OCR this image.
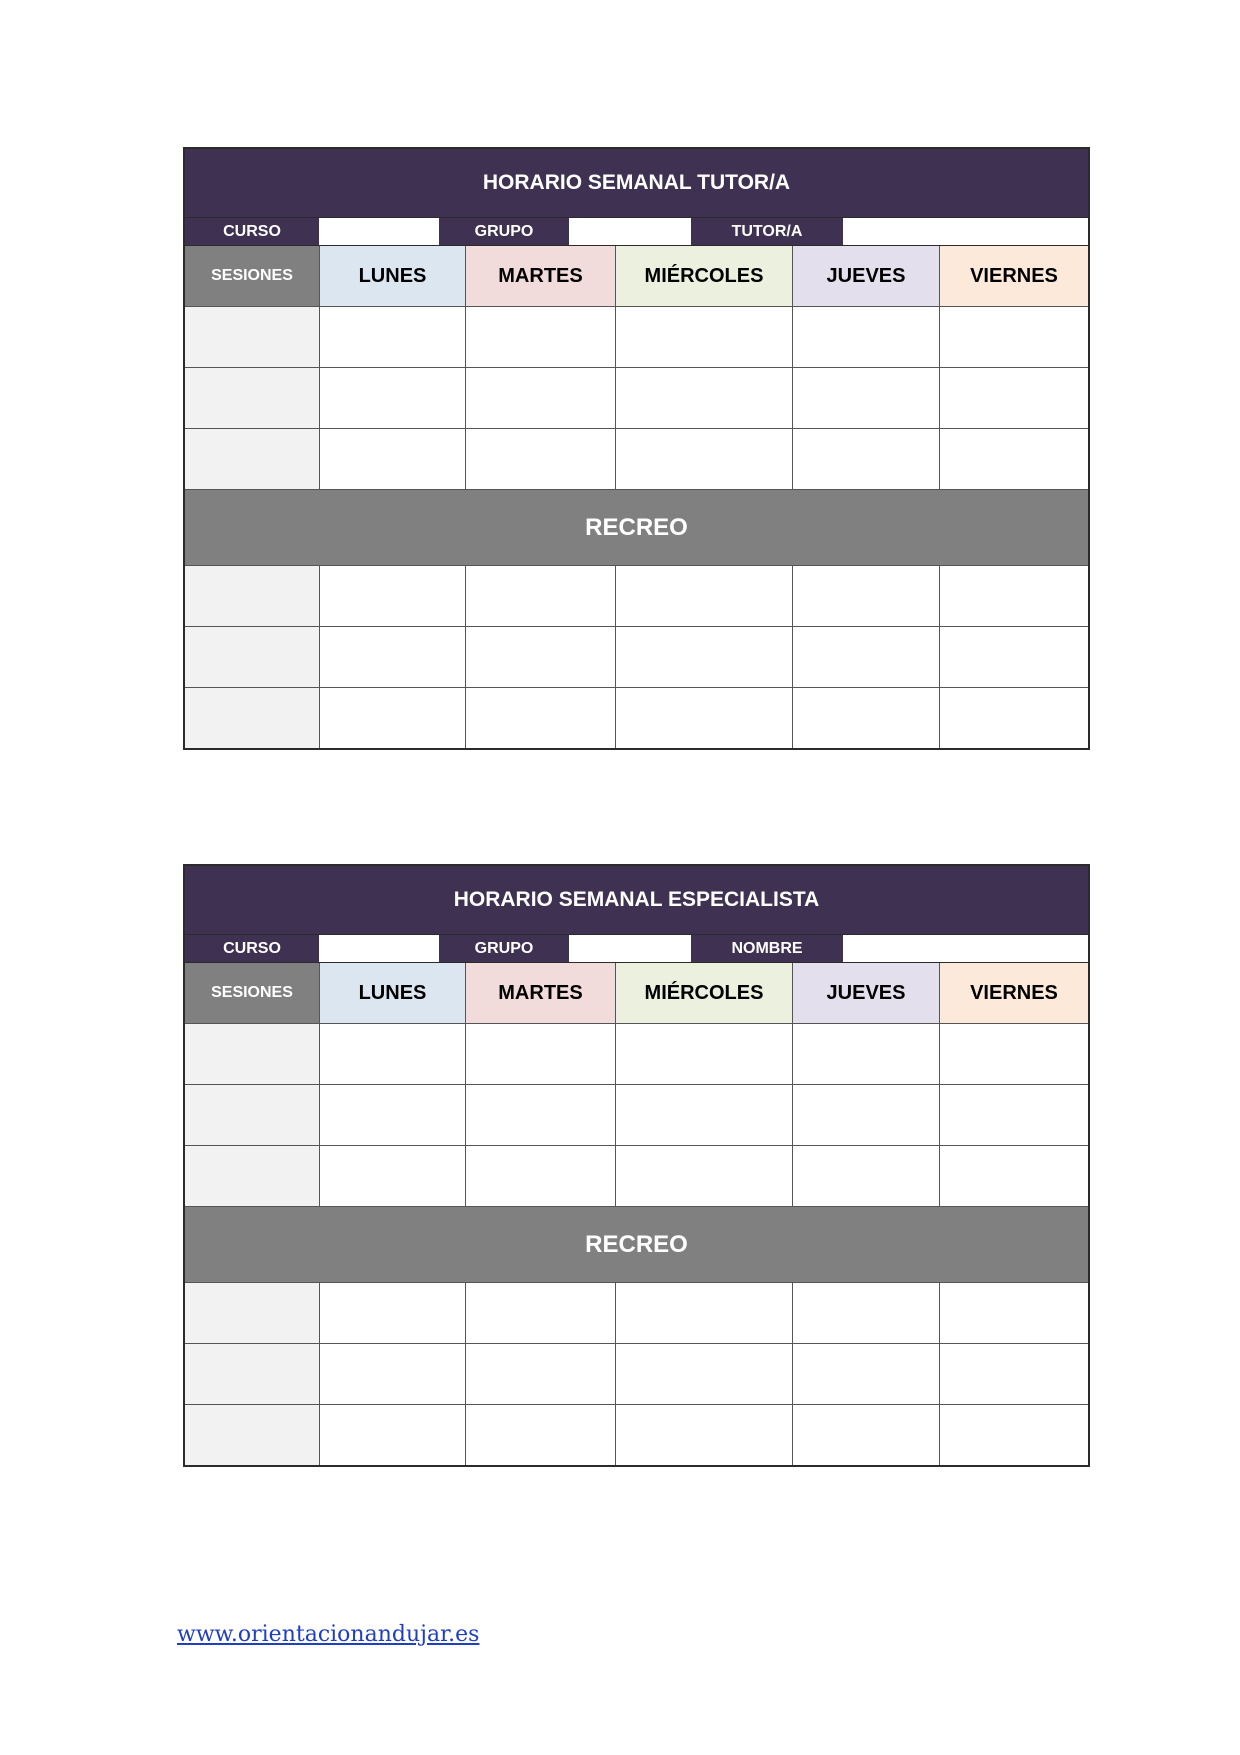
HORARIO SEMANAL TUTOR/A
CURSO	GRUPO	TUTOR/A
SESIONES	LUNES	MARTES	MIÉRCOLES	JUEVES	VIERNES
RECREO
HORARIO SEMANAL ESPECIALISTA
CURSO	GRUPO	NOMBRE
SESIONES	LUNES	MARTES	MIÉRCOLES	JUEVES	VIERNES
RECREO
www.orientacionandujar.es
